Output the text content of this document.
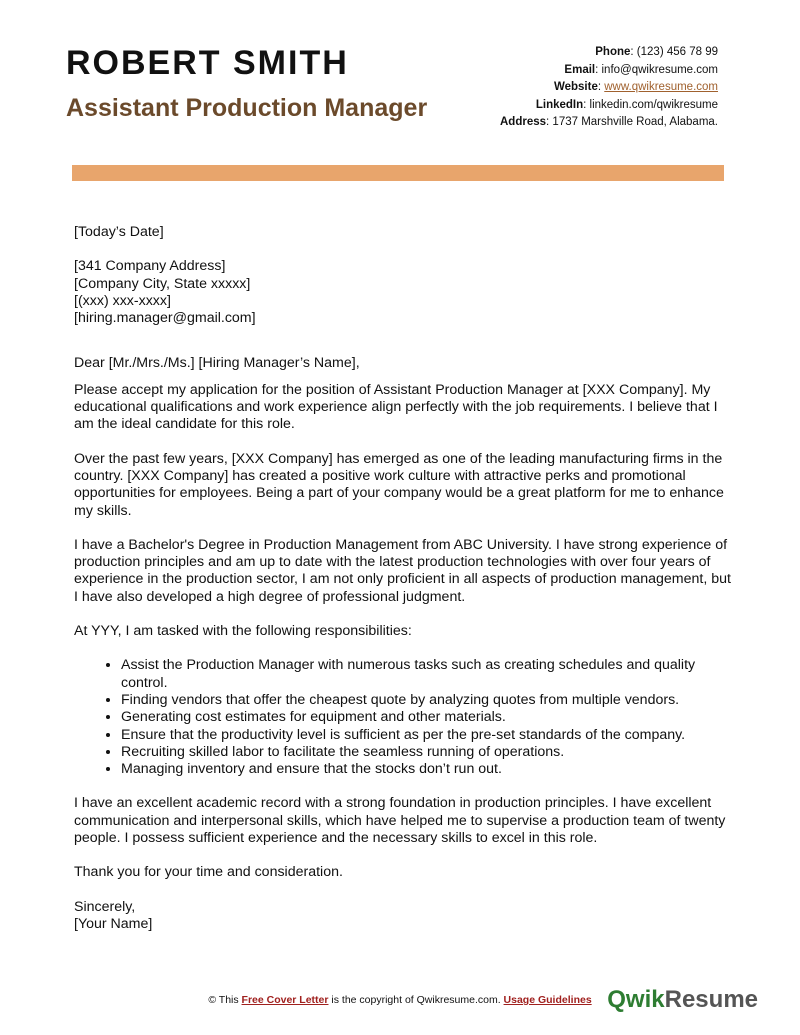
ROBERT SMITH
Assistant Production Manager
Phone: (123) 456 78 99
Email: info@qwikresume.com
Website: www.qwikresume.com
LinkedIn: linkedin.com/qwikresume
Address: 1737 Marshville Road, Alabama.

[Today’s Date]

[341 Company Address]

[Company City, State xxxxx]

[(xxx) xxx-xxxx]

[hiring.manager@gmail.com]

Dear [Mr./Mrs./Ms.] [Hiring Manager’s Name],

Please accept my application for the position of Assistant Production Manager at [XXX Company]. My educational qualifications and work experience align perfectly with the job requirements. I believe that I am the ideal candidate for this role.

Over the past few years, [XXX Company] has emerged as one of the leading manufacturing firms in the country. [XXX Company] has created a positive work culture with attractive perks and promotional opportunities for employees. Being a part of your company would be a great platform for me to enhance my skills.

I have a Bachelor's Degree in Production Management from ABC University. I have strong experience of production principles and am up to date with the latest production technologies with over four years of experience in the production sector, I am not only proficient in all aspects of production management, but I have also developed a high degree of professional judgment.

At YYY, I am tasked with the following responsibilities:

• Assist the Production Manager with numerous tasks such as creating schedules and quality control.
• Finding vendors that offer the cheapest quote by analyzing quotes from multiple vendors.
• Generating cost estimates for equipment and other materials.
• Ensure that the productivity level is sufficient as per the pre-set standards of the company.
• Recruiting skilled labor to facilitate the seamless running of operations.
• Managing inventory and ensure that the stocks don’t run out.

I have an excellent academic record with a strong foundation in production principles. I have excellent communication and interpersonal skills, which have helped me to supervise a production team of twenty people. I possess sufficient experience and the necessary skills to excel in this role.

Thank you for your time and consideration.

Sincerely,

[Your Name]

© This Free Cover Letter is the copyright of Qwikresume.com. Usage Guidelines QwikResume
